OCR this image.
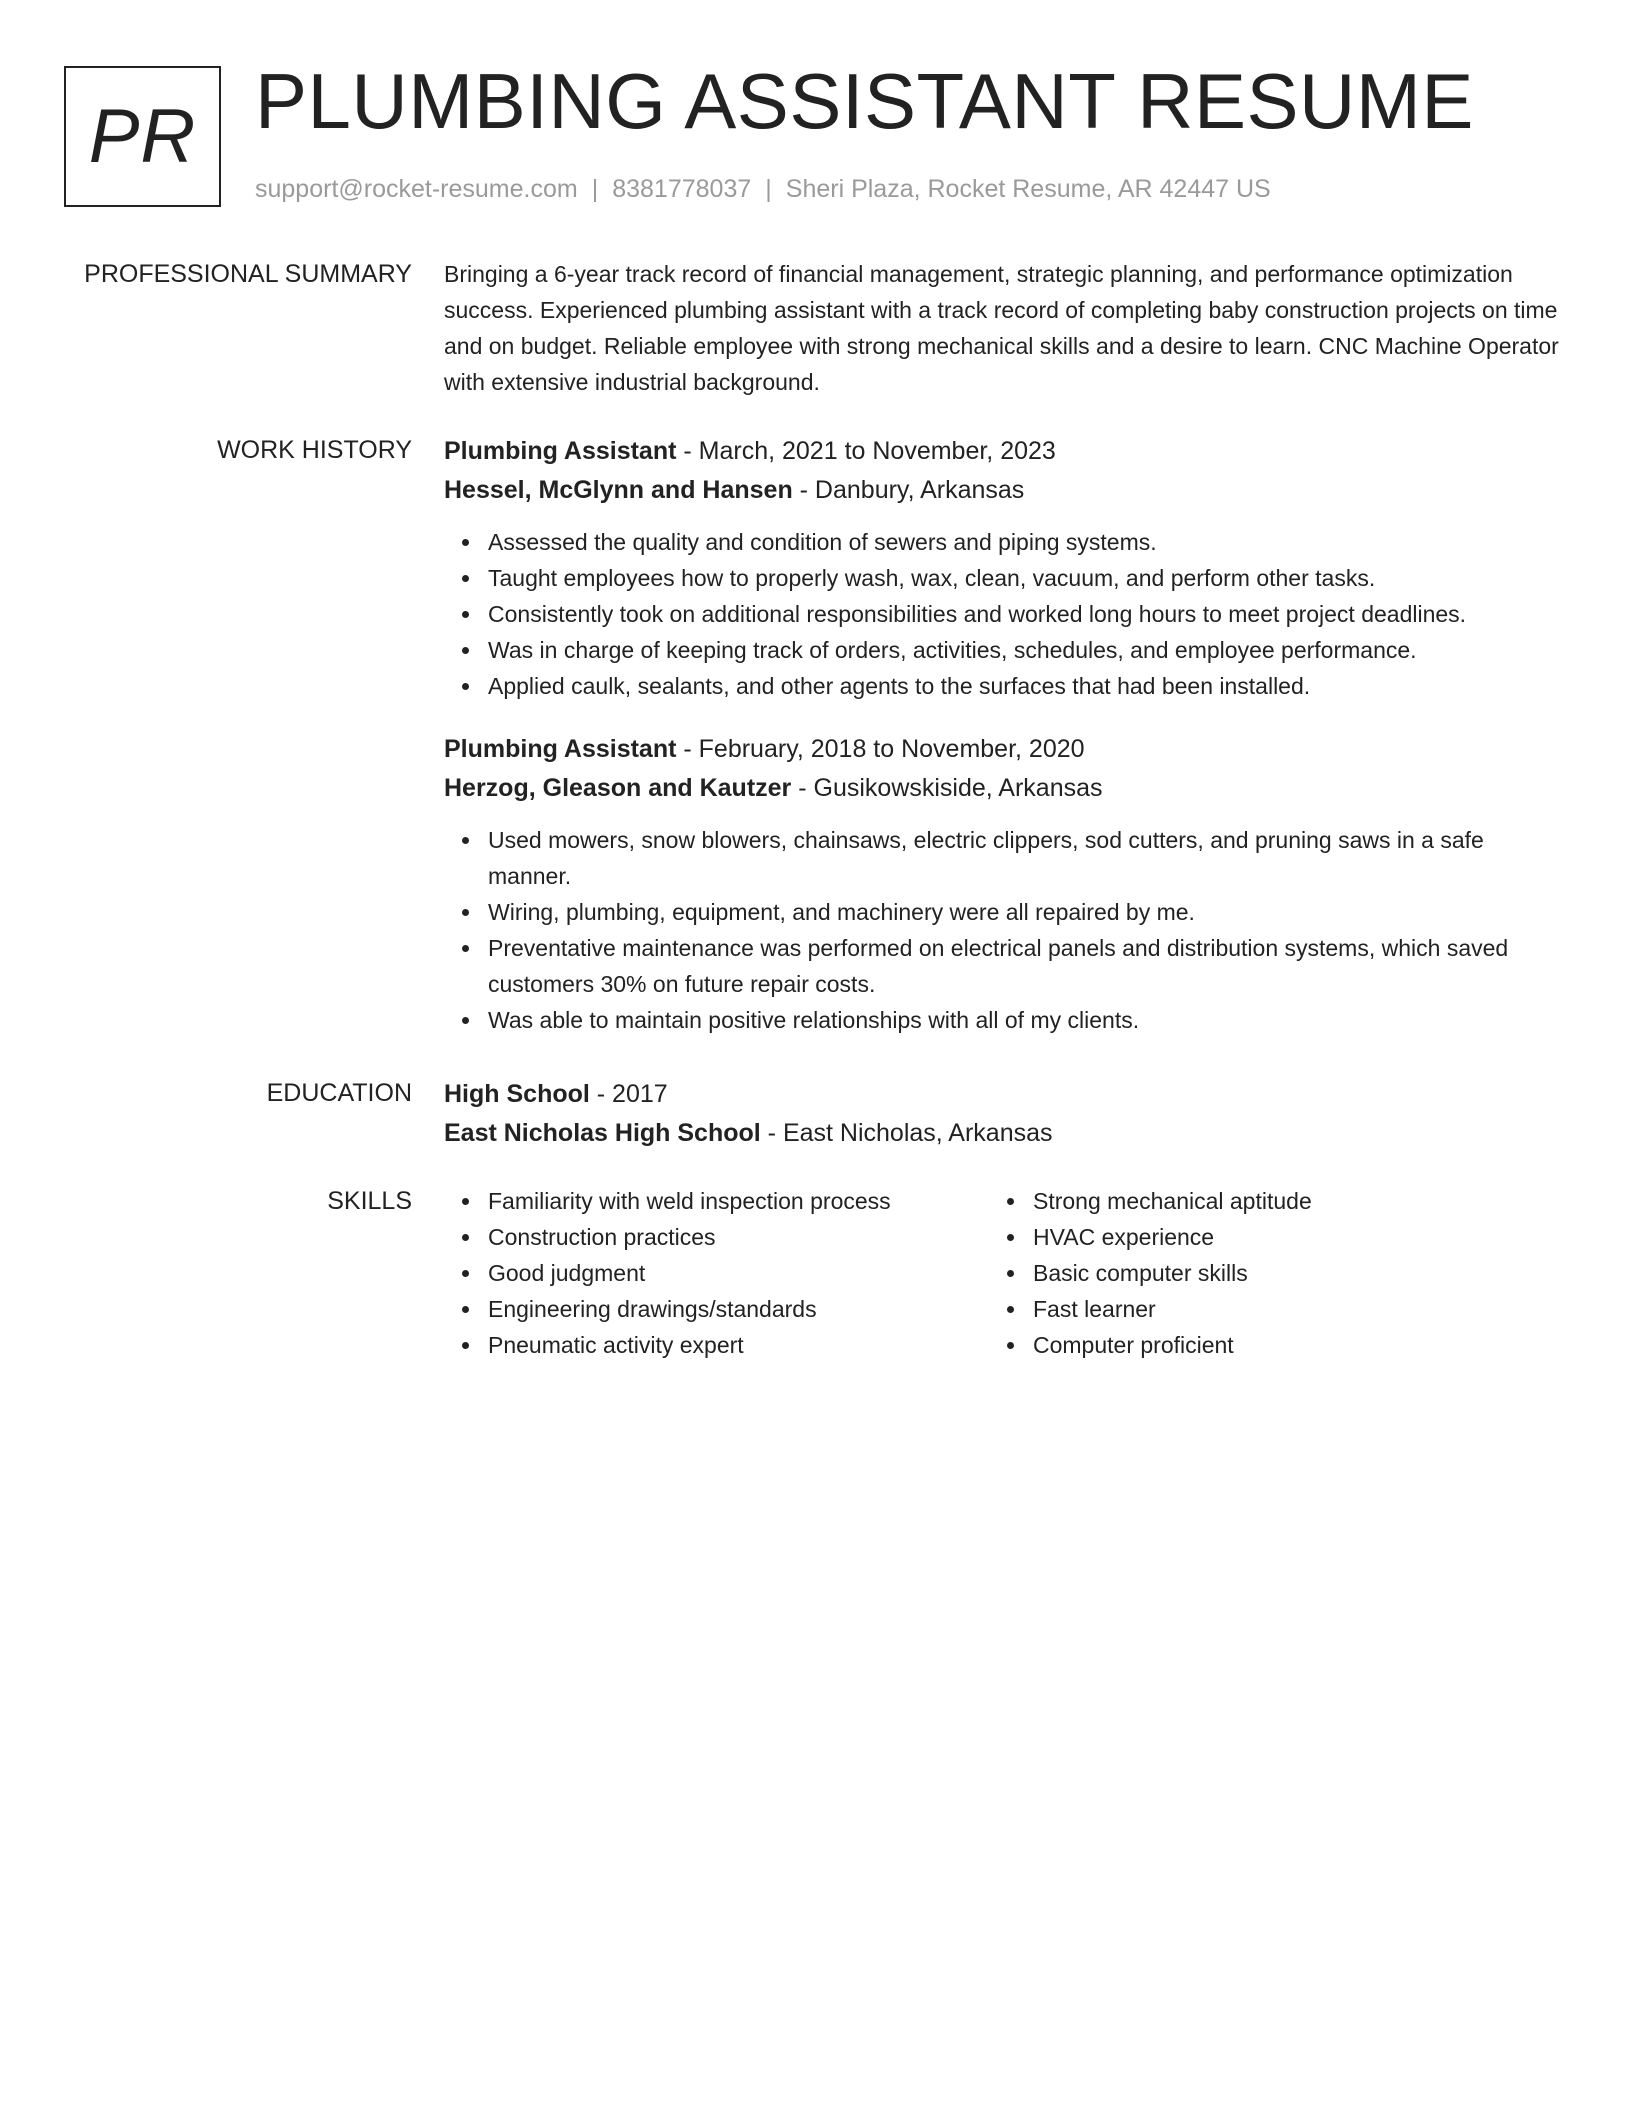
PR PLUMBING ASSISTANT RESUME
support@rocket-resume.com | 8381778037 | Sheri Plaza, Rocket Resume, AR 42447 US
PROFESSIONAL SUMMARY Bringing a 6-year track record of financial management, strategic planning, and performance optimization success. Experienced plumbing assistant with a track record of completing baby construction projects on time and on budget. Reliable employee with strong mechanical skills and a desire to learn. CNC Machine Operator with extensive industrial background.

WORK HISTORY Plumbing Assistant - March, 2021 to November, 2023
Hessel, McGlynn and Hansen - Danbury, Arkansas
Assessed the quality and condition of sewers and piping systems.
Taught employees how to properly wash, wax, clean, vacuum, and perform other tasks.
Consistently took on additional responsibilities and worked long hours to meet project deadlines.
Was in charge of keeping track of orders, activities, schedules, and employee performance.
Applied caulk, sealants, and other agents to the surfaces that had been installed.
Plumbing Assistant - February, 2018 to November, 2020
Herzog, Gleason and Kautzer - Gusikowskiside, Arkansas
Used mowers, snow blowers, chainsaws, electric clippers, sod cutters, and pruning saws in a safe manner.
Wiring, plumbing, equipment, and machinery were all repaired by me.
Preventative maintenance was performed on electrical panels and distribution systems, which saved customers 30% on future repair costs.
Was able to maintain positive relationships with all of my clients.
EDUCATION High School - 2017
East Nicholas High School - East Nicholas, Arkansas
SKILLS	Familiarity with weld inspection process
Construction practices
Good judgment
Engineering drawings/standards
Pneumatic activity expert
Strong mechanical aptitude
HVAC experience
Basic computer skills
Fast learner
Computer proficient
